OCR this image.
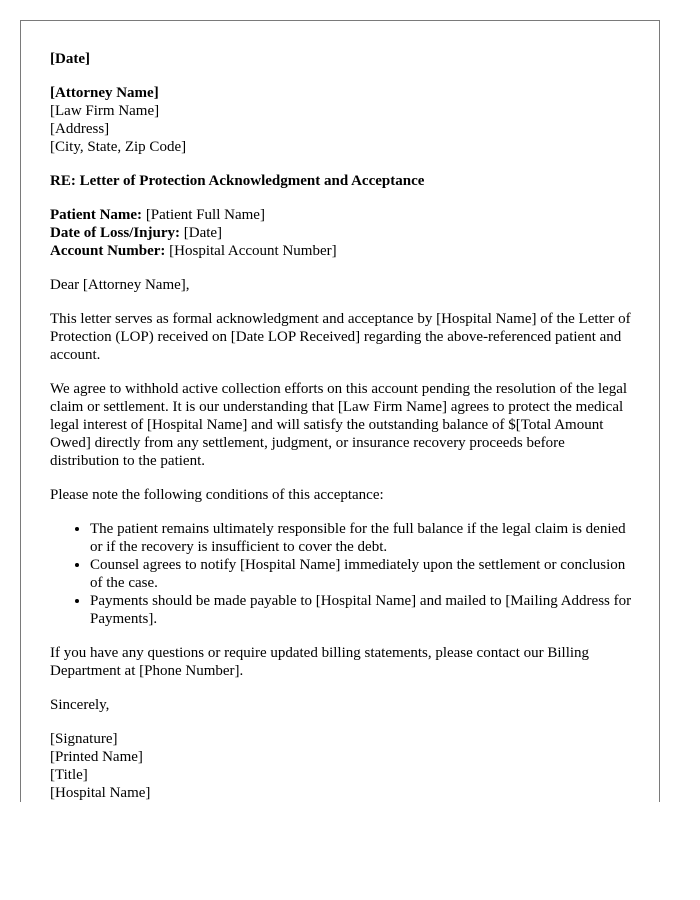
[Date]

[Attorney Name]
[Law Firm Name]
[Address]
[City, State, Zip Code]

RE: Letter of Protection Acknowledgment and Acceptance

Patient Name: [Patient Full Name]
Date of Loss/Injury: [Date]
Account Number: [Hospital Account Number]

Dear [Attorney Name],

This letter serves as formal acknowledgment and acceptance by [Hospital Name] of the Letter of Protection (LOP) received on [Date LOP Received] regarding the above-referenced patient and account.

We agree to withhold active collection efforts on this account pending the resolution of the legal claim or settlement. It is our understanding that [Law Firm Name] agrees to protect the medical legal interest of [Hospital Name] and will satisfy the outstanding balance of $[Total Amount Owed] directly from any settlement, judgment, or insurance recovery proceeds before distribution to the patient.

Please note the following conditions of this acceptance:

• The patient remains ultimately responsible for the full balance if the legal claim is denied or if the recovery is insufficient to cover the debt.
• Counsel agrees to notify [Hospital Name] immediately upon the settlement or conclusion of the case.
• Payments should be made payable to [Hospital Name] and mailed to [Mailing Address for Payments].

If you have any questions or require updated billing statements, please contact our Billing Department at [Phone Number].

Sincerely,

[Signature]
[Printed Name]
[Title]
[Hospital Name]
